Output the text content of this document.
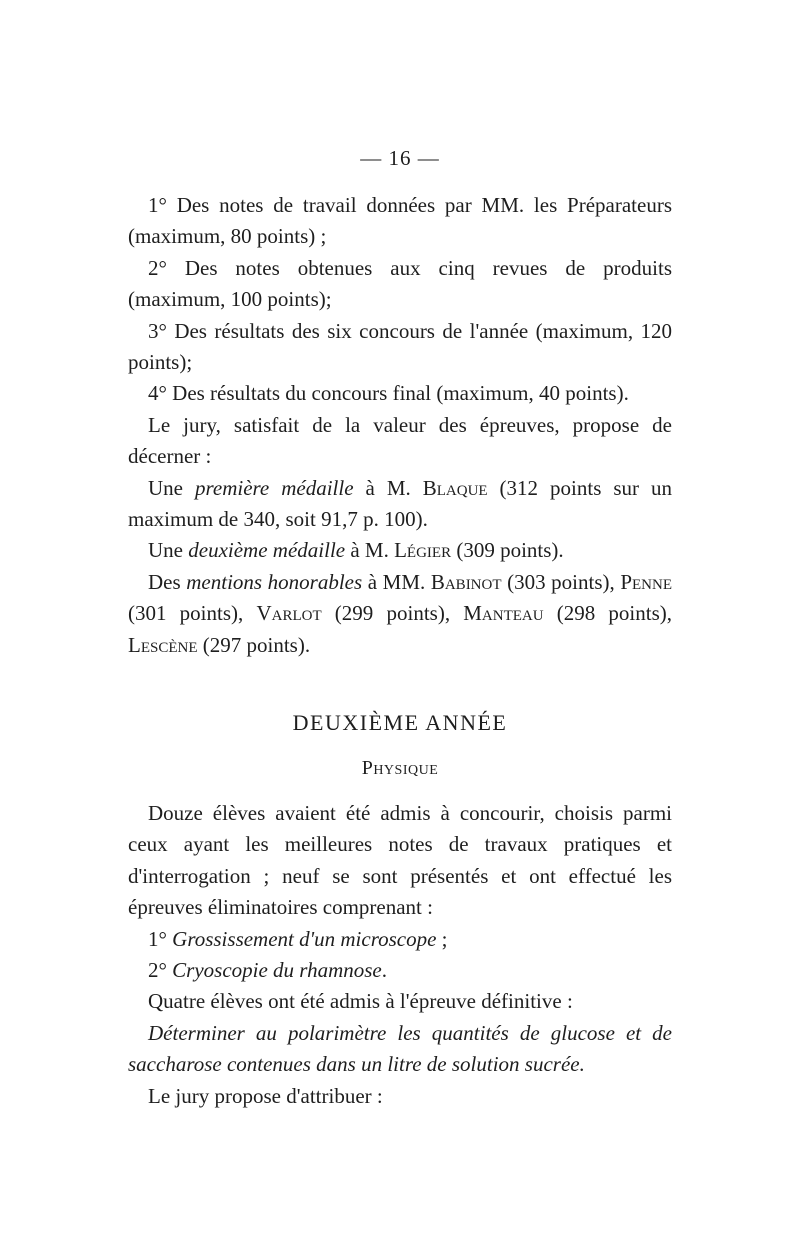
— 16 —

1° Des notes de travail données par MM. les Préparateurs (maximum, 80 points) ;

2° Des notes obtenues aux cinq revues de produits (maximum, 100 points);

3° Des résultats des six concours de l'année (maximum, 120 points);

4° Des résultats du concours final (maximum, 40 points).

Le jury, satisfait de la valeur des épreuves, propose de décerner :

Une première médaille à M. Blaque (312 points sur un maximum de 340, soit 91,7 p. 100).

Une deuxième médaille à M. Légier (309 points).

Des mentions honorables à MM. Babinot (303 points), Penne (301 points), Varlot (299 points), Manteau (298 points), Lescène (297 points).

DEUXIÈME ANNÉE

Physique

Douze élèves avaient été admis à concourir, choisis parmi ceux ayant les meilleures notes de travaux pratiques et d'interrogation ; neuf se sont présentés et ont effectué les épreuves éliminatoires comprenant :

1° Grossissement d'un microscope ;

2° Cryoscopie du rhamnose.

Quatre élèves ont été admis à l'épreuve définitive :

Déterminer au polarimètre les quantités de glucose et de saccharose contenues dans un litre de solution sucrée.

Le jury propose d'attribuer :
